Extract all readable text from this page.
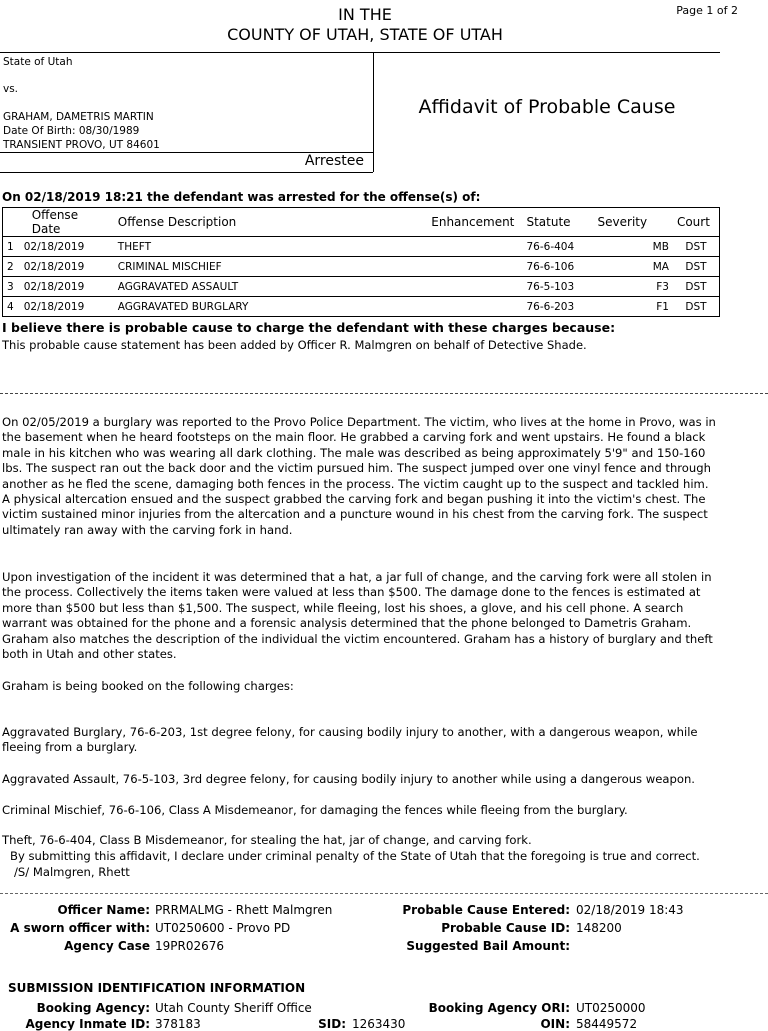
IN THE
COUNTY OF UTAH, STATE OF UTAH
Page 1 of 2
State of Utah
vs.
GRAHAM, DAMETRIS MARTIN
Date Of Birth: 08/30/1989
TRANSIENT PROVO, UT 84601
Arrestee
Affidavit of Probable Cause
On 02/18/2019 18:21 the defendant was arrested for the offense(s) of:
	Offense Date	Offense Description	Enhancement	Statute	Severity	Court
1	02/18/2019	THEFT		76-6-404	MB	DST
2	02/18/2019	CRIMINAL MISCHIEF		76-6-106	MA	DST
3	02/18/2019	AGGRAVATED ASSAULT		76-5-103	F3	DST
4	02/18/2019	AGGRAVATED BURGLARY		76-6-203	F1	DST
I believe there is probable cause to charge the defendant with these charges because:
This probable cause statement has been added by Officer R. Malmgren on behalf of Detective Shade.
On 02/05/2019 a burglary was reported to the Provo Police Department. The victim, who lives at the home in Provo, was in the basement when he heard footsteps on the main floor. He grabbed a carving fork and went upstairs. He found a black male in his kitchen who was wearing all dark clothing. The male was described as being approximately 5'9" and 150-160 lbs. The suspect ran out the back door and the victim pursued him. The suspect jumped over one vinyl fence and through another as he fled the scene, damaging both fences in the process. The victim caught up to the suspect and tackled him. A physical altercation ensued and the suspect grabbed the carving fork and began pushing it into the victim's chest. The victim sustained minor injuries from the altercation and a puncture wound in his chest from the carving fork. The suspect ultimately ran away with the carving fork in hand.
Upon investigation of the incident it was determined that a hat, a jar full of change, and the carving fork were all stolen in the process. Collectively the items taken were valued at less than $500. The damage done to the fences is estimated at more than $500 but less than $1,500. The suspect, while fleeing, lost his shoes, a glove, and his cell phone. A search warrant was obtained for the phone and a forensic analysis determined that the phone belonged to Dametris Graham. Graham also matches the description of the individual the victim encountered. Graham has a history of burglary and theft both in Utah and other states.
Graham is being booked on the following charges:
Aggravated Burglary, 76-6-203, 1st degree felony, for causing bodily injury to another, with a dangerous weapon, while fleeing from a burglary.
Aggravated Assault, 76-5-103, 3rd degree felony, for causing bodily injury to another while using a dangerous weapon.
Criminal Mischief, 76-6-106, Class A Misdemeanor, for damaging the fences while fleeing from the burglary.
Theft, 76-6-404, Class B Misdemeanor, for stealing the hat, jar of change, and carving fork.
By submitting this affidavit, I declare under criminal penalty of the State of Utah that the foregoing is true and correct.
/S/ Malmgren, Rhett
Officer Name: PRRMALMG - Rhett Malmgren
A sworn officer with: UT0250600 - Provo PD
Agency Case 19PR02676
Probable Cause Entered: 02/18/2019 18:43
Probable Cause ID: 148200
Suggested Bail Amount:
SUBMISSION IDENTIFICATION INFORMATION
Booking Agency: Utah County Sheriff Office	Booking Agency ORI: UT0250000
Agency Inmate ID: 378183	SID: 1263430	OIN: 58449572
